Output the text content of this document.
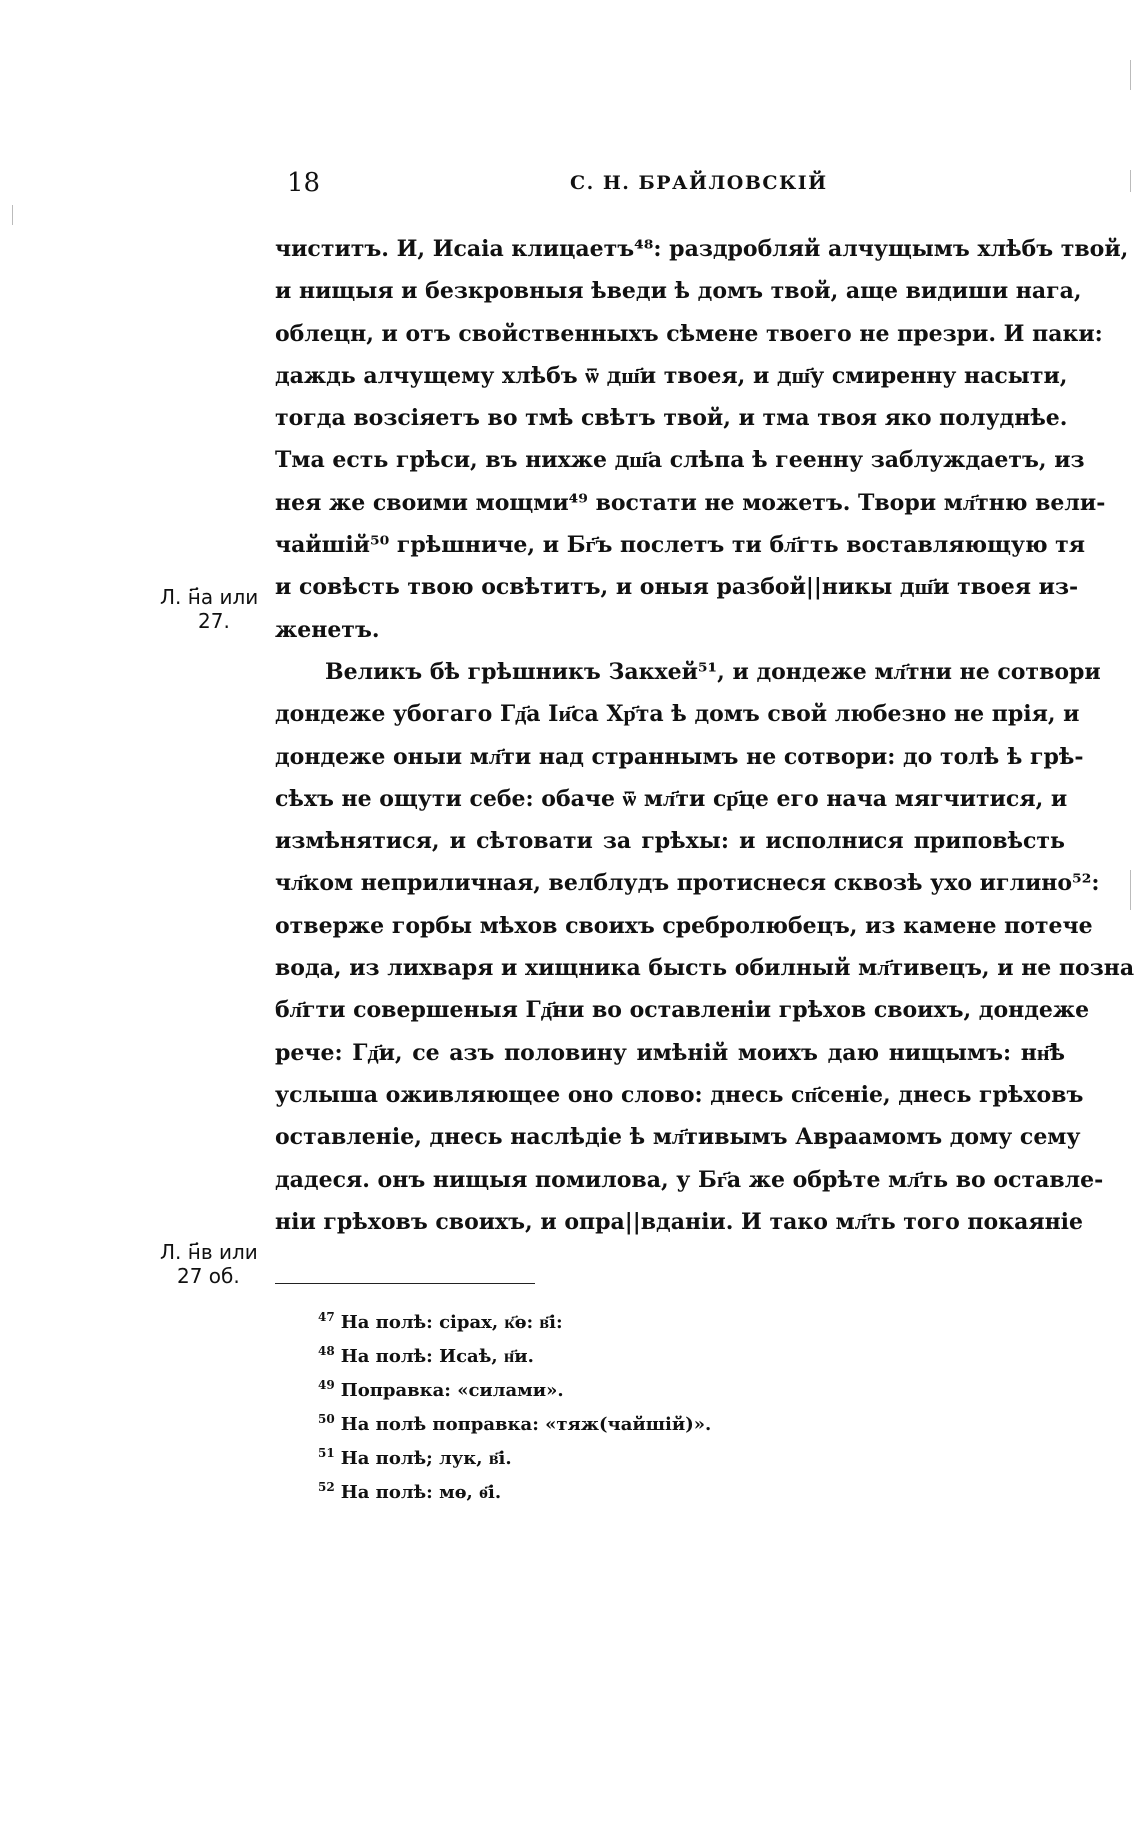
18	С. Н. БРАЙЛОВСКІЙ
Л. н҃а или
27.
Л. н҃в или
27 об.
чиститъ. И, Исаіа клицаетъ⁴⁸: раздробляй алчущымъ хлѣбъ твой,
и нищыя и безкровныя ѣведи ѣ домъ твой, аще видиши нага,
облецн, и отъ свойственныхъ сѣмене твоего не презри. И паки:
даждь алчущему хлѣбъ ѿ дш҃и твоея, и дш҃у смиренну насыти,
тогда возсіяетъ во тмѣ свѣтъ твой, и тма твоя яко полуднѣе.
Тма есть грѣси, въ нихже дш҃а слѣпа ѣ геенну заблуждаетъ, из
нея же своими мощми⁴⁹ востати не можетъ. Твори мл҃тню вели-
чайшій⁵⁰ грѣшниче, и Бг҃ъ послетъ ти бл҃гть воставляющую тя
и совѣсть твою освѣтитъ, и оныя разбой||никы дш҃и твоея из-
женетъ.
Великъ бѣ грѣшникъ Закхей⁵¹, и дондеже мл҃тни не сотвори
дондеже убогаго Гд҃а Іи҃са Хр҃та ѣ домъ свой любезно не прія, и
дондеже оныи мл҃ти над страннымъ не сотвори: до толѣ ѣ грѣ-
сѣхъ не ощути себе: обаче ѿ мл҃ти ср҃це его нача мягчитися, и
измѣнятися, и сѣтовати за грѣхы: и исполнися приповѣсть
чл҃ком неприличная, велблудъ протиснеся сквозѣ ухо иглино⁵²:
отверже горбы мѣхов своихъ сребролюбецъ, из камене потече
вода, из лихваря и хищника бысть обилный мл҃тивецъ, и не позна
бл҃гти совершеныя Гд҃ни во оставленіи грѣхов своихъ, дондеже
рече: Гд҃и, се азъ половину имѣній моихъ даю нищымъ: нн҃ѣ
услыша оживляющее оно слово: днесь сп҃сеніе, днесь грѣховъ
оставленіе, днесь наслѣдіе ѣ мл҃тивымъ Авраамомъ дому сему
дадеся. онъ нищыя помилова, у Бг҃а же обрѣте мл҃ть во оставле-
ніи грѣховъ своихъ, и опра||вданіи. И тако мл҃ть того покаяніе
$^{47}$ На полѣ: сірах, к҃ѳ: в҃і:
$^{48}$ На полѣ: Исаѣ, н҃и.
$^{49}$ Поправка: «силами».
$^{50}$ На полѣ поправка: «тяж(чайшій)».
$^{51}$ На полѣ; лук, в҃і.
$^{52}$ На полѣ: мѳ, ѳ҃і.
